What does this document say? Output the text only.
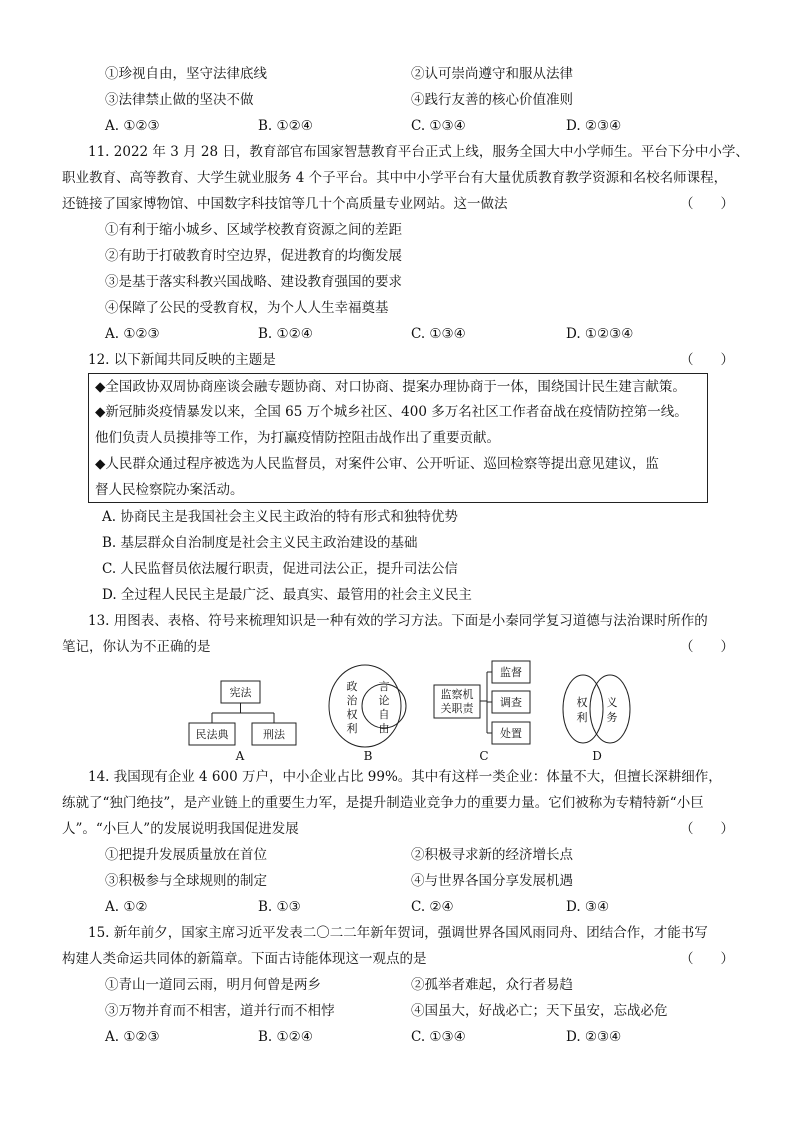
①珍视自由，坚守法律底线	②认可崇尚遵守和服从法律
③法律禁止做的坚决不做	④践行友善的核心价值准则
A. ①②③	B. ①②④	C. ①③④	D. ②③④
11. 2022 年 3 月 28 日，教育部官布国家智慧教育平台正式上线，服务全国大中小学师生。平台下分中小学、
职业教育、高等教育、大学生就业服务 4 个子平台。其中中小学平台有大量优质教育教学资源和名校名师课程，
还链接了国家博物馆、中国数字科技馆等几十个高质量专业网站。这一做法	（　　）
①有利于缩小城乡、区域学校教育资源之间的差距
②有助于打破教育时空边界，促进教育的均衡发展
③是基于落实科教兴国战略、建设教育强国的要求
④保障了公民的受教育权，为个人人生幸福奠基
A. ①②③	B. ①②④	C. ①③④	D. ①②③④
12. 以下新闻共同反映的主题是	（　　）
◆全国政协双周协商座谈会融专题协商、对口协商、提案办理协商于一体，围绕国计民生建言献策。
◆新冠肺炎疫情暴发以来，全国 65 万个城乡社区、400 多万名社区工作者奋战在疫情防控第一线。
他们负责人员摸排等工作，为打赢疫情防控阻击战作出了重要贡献。
◆人民群众通过程序被选为人民监督员，对案件公审、公开听证、巡回检察等提出意见建议，监
督人民检察院办案活动。
A. 协商民主是我国社会主义民主政治的特有形式和独特优势
B. 基层群众自治制度是社会主义民主政治建设的基础
C. 人民监督员依法履行职责，促进司法公正，提升司法公信
D. 全过程人民民主是最广泛、最真实、最管用的社会主义民主
13. 用图表、表格、符号来梳理知识是一种有效的学习方法。下面是小秦同学复习道德与法治课时所作的
笔记，你认为不正确的是	（　　）
宪法
民法典	刑法
A
政
治
权
利
言
论
自
由
B
监察机
关职责
监督
调查
处置
C
权
利
义
务
D
14. 我国现有企业 4 600 万户，中小企业占比 99%。其中有这样一类企业：体量不大，但擅长深耕细作，
练就了“独门绝技”，是产业链上的重要生力军，是提升制造业竞争力的重要力量。它们被称为专精特新“小巨
人”。“小巨人”的发展说明我国促进发展	（　　）
①把提升发展质量放在首位	②积极寻求新的经济增长点
③积极参与全球规则的制定	④与世界各国分享发展机遇
A. ①②	B. ①③	C. ②④	D. ③④
15. 新年前夕，国家主席习近平发表二〇二二年新年贺词，强调世界各国风雨同舟、团结合作，才能书写
构建人类命运共同体的新篇章。下面古诗能体现这一观点的是	（　　）
①青山一道同云雨，明月何曾是两乡	②孤举者难起，众行者易趋
③万物并育而不相害，道并行而不相悖	④国虽大，好战必亡；天下虽安，忘战必危
A. ①②③	B. ①②④	C. ①③④	D. ②③④
